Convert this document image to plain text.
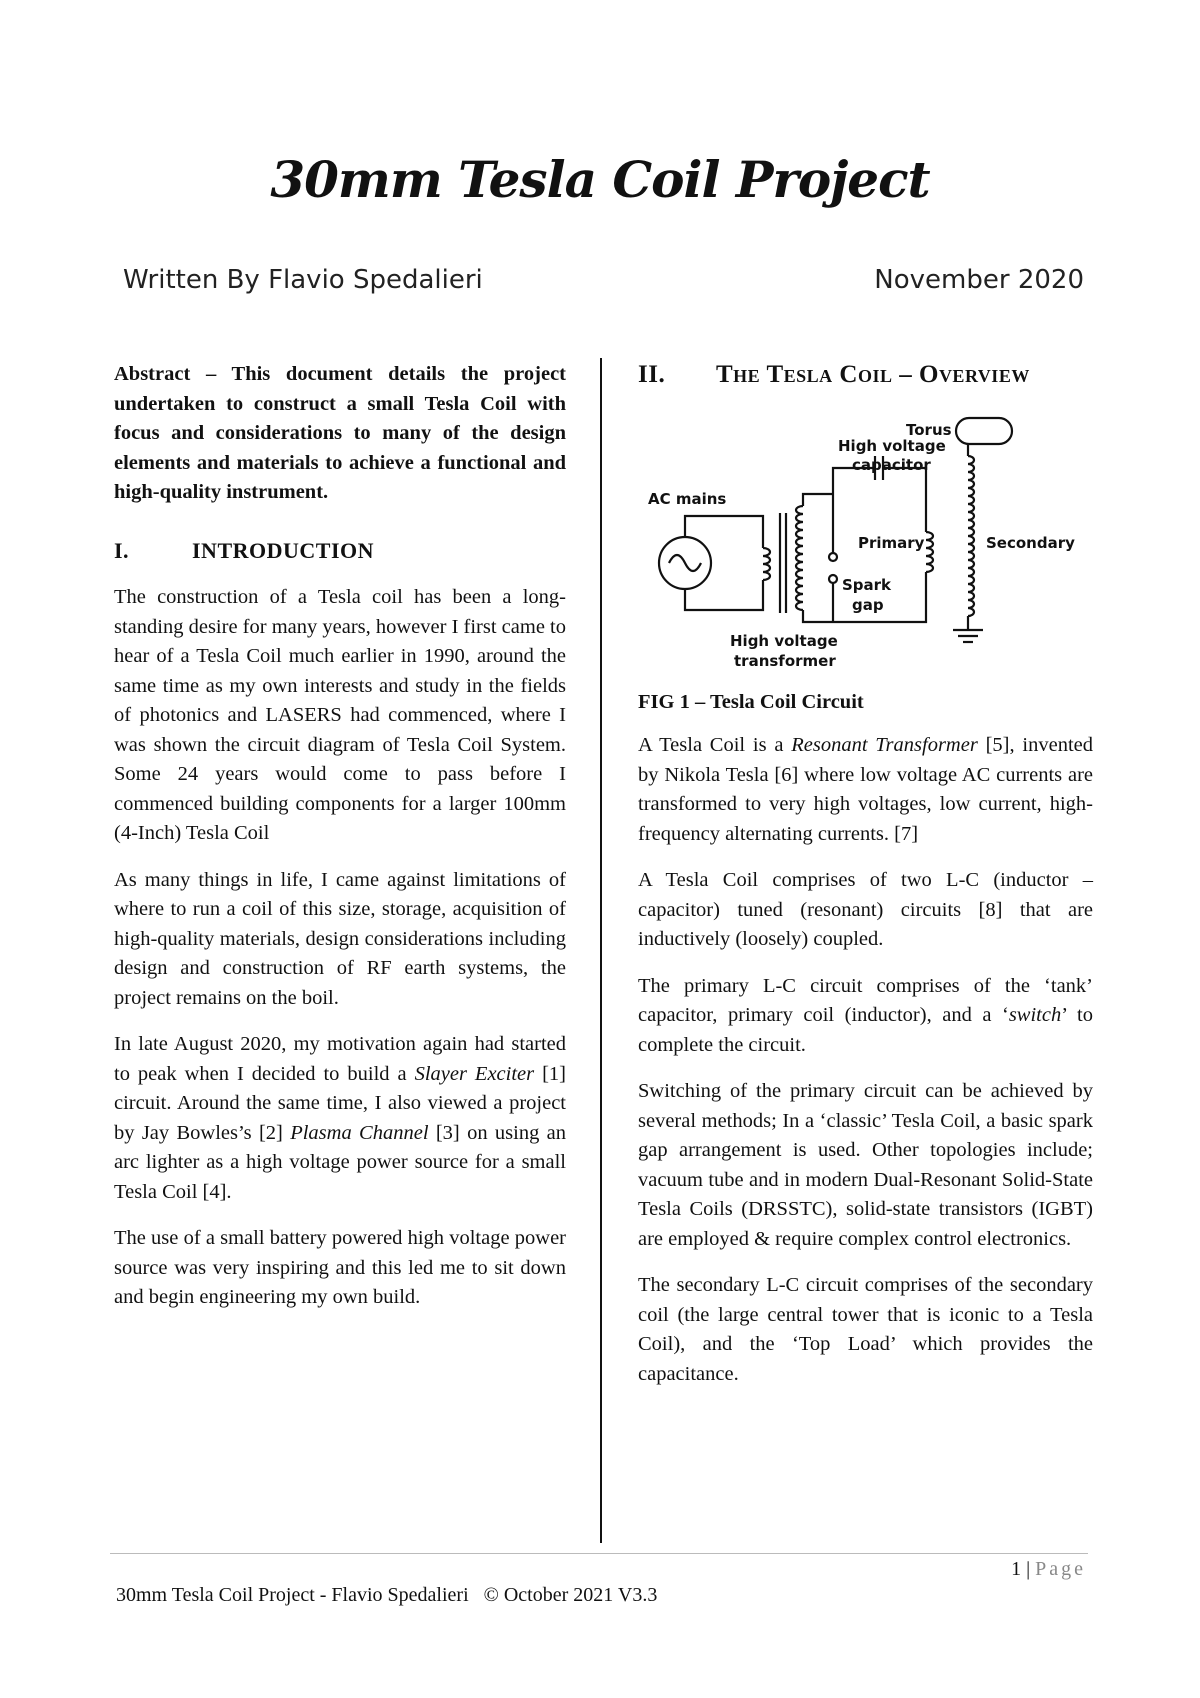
30mm Tesla Coil Project
Written By Flavio Spedalieri	November 2020

Abstract – This document details the project undertaken to construct a small Tesla Coil with focus and considerations to many of the design elements and materials to achieve a functional and high-quality instrument.

I.	INTRODUCTION

The construction of a Tesla coil has been a long-standing desire for many years, however I first came to hear of a Tesla Coil much earlier in 1990, around the same time as my own interests and study in the fields of photonics and LASERS had commenced, where I was shown the circuit diagram of Tesla Coil System. Some 24 years would come to pass before I commenced building components for a larger 100mm (4-Inch) Tesla Coil

As many things in life, I came against limitations of where to run a coil of this size, storage, acquisition of high-quality materials, design considerations including design and construction of RF earth systems, the project remains on the boil.

In late August 2020, my motivation again had started to peak when I decided to build a Slayer Exciter [1] circuit. Around the same time, I also viewed a project by Jay Bowles’s [2] Plasma Channel [3] on using an arc lighter as a high voltage power source for a small Tesla Coil [4].

The use of a small battery powered high voltage power source was very inspiring and this led me to sit down and begin engineering my own build.

II.	The Tesla Coil – Overview
Torus
High voltage
capacitor
AC mains
Primary	Secondary
Spark
gap
High voltage
transformer

FIG 1 – Tesla Coil Circuit

A Tesla Coil is a Resonant Transformer [5], invented by Nikola Tesla [6] where low voltage AC currents are transformed to very high voltages, low current, high-frequency alternating currents. [7]

A Tesla Coil comprises of two L-C (inductor – capacitor) tuned (resonant) circuits [8] that are inductively (loosely) coupled.

The primary L-C circuit comprises of the ‘tank’ capacitor, primary coil (inductor), and a ‘switch’ to complete the circuit.

Switching of the primary circuit can be achieved by several methods; In a ‘classic’ Tesla Coil, a basic spark gap arrangement is used. Other topologies include; vacuum tube and in modern Dual-Resonant Solid-State Tesla Coils (DRSSTC), solid-state transistors (IGBT) are employed & require complex control electronics.

The secondary L-C circuit comprises of the secondary coil (the large central tower that is iconic to a Tesla Coil), and the ‘Top Load’ which provides the capacitance.

1 | Page
30mm Tesla Coil Project - Flavio Spedalieri   © October 2021 V3.3
